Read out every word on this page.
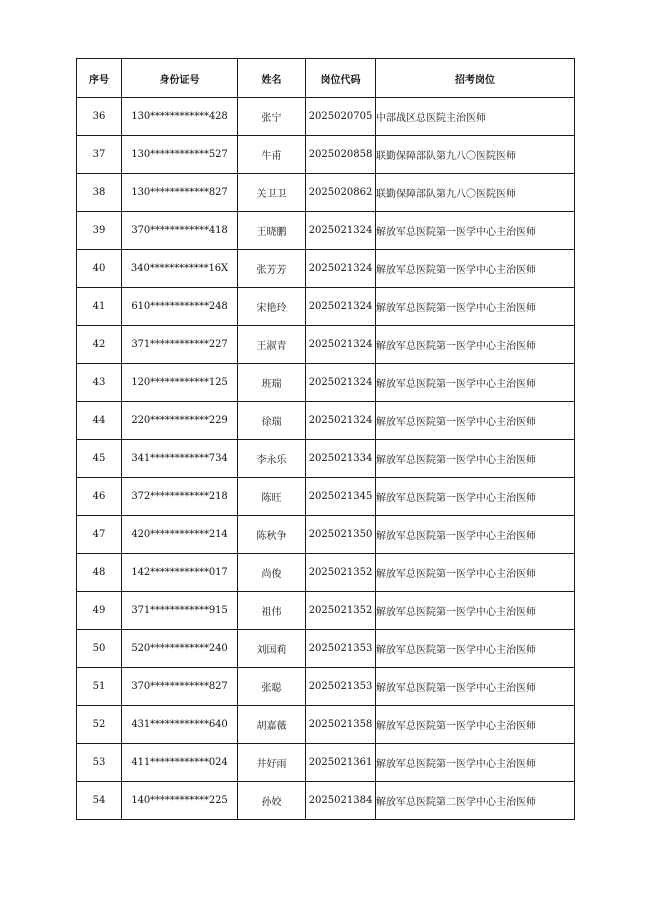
序号	身份证号	姓名	岗位代码	招考岗位
36	130************428	张宁	2025020705	中部战区总医院主治医师
37	130************527	牛甫	2025020858	联勤保障部队第九八〇医院医师
38	130************827	关卫卫	2025020862	联勤保障部队第九八〇医院医师
39	370************418	王晓鹏	2025021324	解放军总医院第一医学中心主治医师
40	340************16X	张芳芳	2025021324	解放军总医院第一医学中心主治医师
41	610************248	宋艳玲	2025021324	解放军总医院第一医学中心主治医师
42	371************227	王淑青	2025021324	解放军总医院第一医学中心主治医师
43	120************125	班瑞	2025021324	解放军总医院第一医学中心主治医师
44	220************229	徐瑞	2025021324	解放军总医院第一医学中心主治医师
45	341************734	李永乐	2025021334	解放军总医院第一医学中心主治医师
46	372************218	陈旺	2025021345	解放军总医院第一医学中心主治医师
47	420************214	陈秋争	2025021350	解放军总医院第一医学中心主治医师
48	142************017	尚俊	2025021352	解放军总医院第一医学中心主治医师
49	371************915	祖伟	2025021352	解放军总医院第一医学中心主治医师
50	520************240	刘国莉	2025021353	解放军总医院第一医学中心主治医师
51	370************827	张聪	2025021353	解放军总医院第一医学中心主治医师
52	431************640	胡嘉薇	2025021358	解放军总医院第一医学中心主治医师
53	411************024	井好雨	2025021361	解放军总医院第一医学中心主治医师
54	140************225	孙姣	2025021384	解放军总医院第二医学中心主治医师
